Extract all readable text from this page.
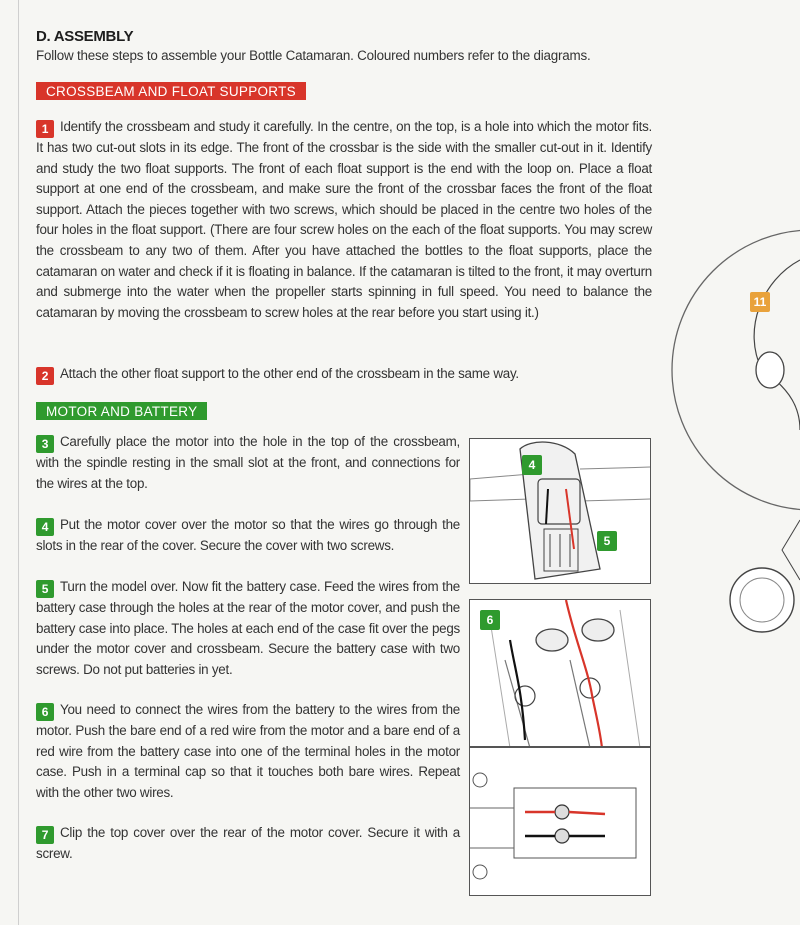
D. ASSEMBLY
Follow these steps to assemble your Bottle Catamaran. Coloured numbers refer to the diagrams.
CROSSBEAM AND FLOAT SUPPORTS
1 Identify the crossbeam and study it carefully. In the centre, on the top, is a hole into which the motor fits. It has two cut-out slots in its edge. The front of the crossbar is the side with the smaller cut-out in it. Identify and study the two float supports. The front of each float support is the end with the loop on. Place a float support at one end of the crossbeam, and make sure the front of the crossbar faces the front of the float support. Attach the pieces together with two screws, which should be placed in the centre two holes of the four holes in the float support. (There are four screw holes on the each of the float supports. You may screw the crossbeam to any two of them. After you have attached the bottles to the float supports, place the catamaran on water and check if it is floating in balance. If the catamaran is tilted to the front, it may overturn and submerge into the water when the propeller starts spinning in full speed. You need to balance the catamaran by moving the crossbeam to screw holes at the rear before you start using it.)
2 Attach the other float support to the other end of the crossbeam in the same way.
MOTOR AND BATTERY
3 Carefully place the motor into the hole in the top of the crossbeam, with the spindle resting in the small slot at the front, and connections for the wires at the top.
4 Put the motor cover over the motor so that the wires go through the slots in the rear of the cover. Secure the cover with two screws.
5 Turn the model over. Now fit the battery case. Feed the wires from the battery case through the holes at the rear of the motor cover, and push the battery case into place. The holes at each end of the case fit over the pegs under the motor cover and crossbeam. Secure the battery case with two screws. Do not put batteries in yet.
6 You need to connect the wires from the battery to the wires from the motor. Push the bare end of a red wire from the motor and a bare end of a red wire from the battery case into one of the terminal holes in the motor case. Push in a terminal cap so that it touches both bare wires. Repeat with the other two wires.
7 Clip the top cover over the rear of the motor cover. Secure it with a screw.
4
5
6
11
